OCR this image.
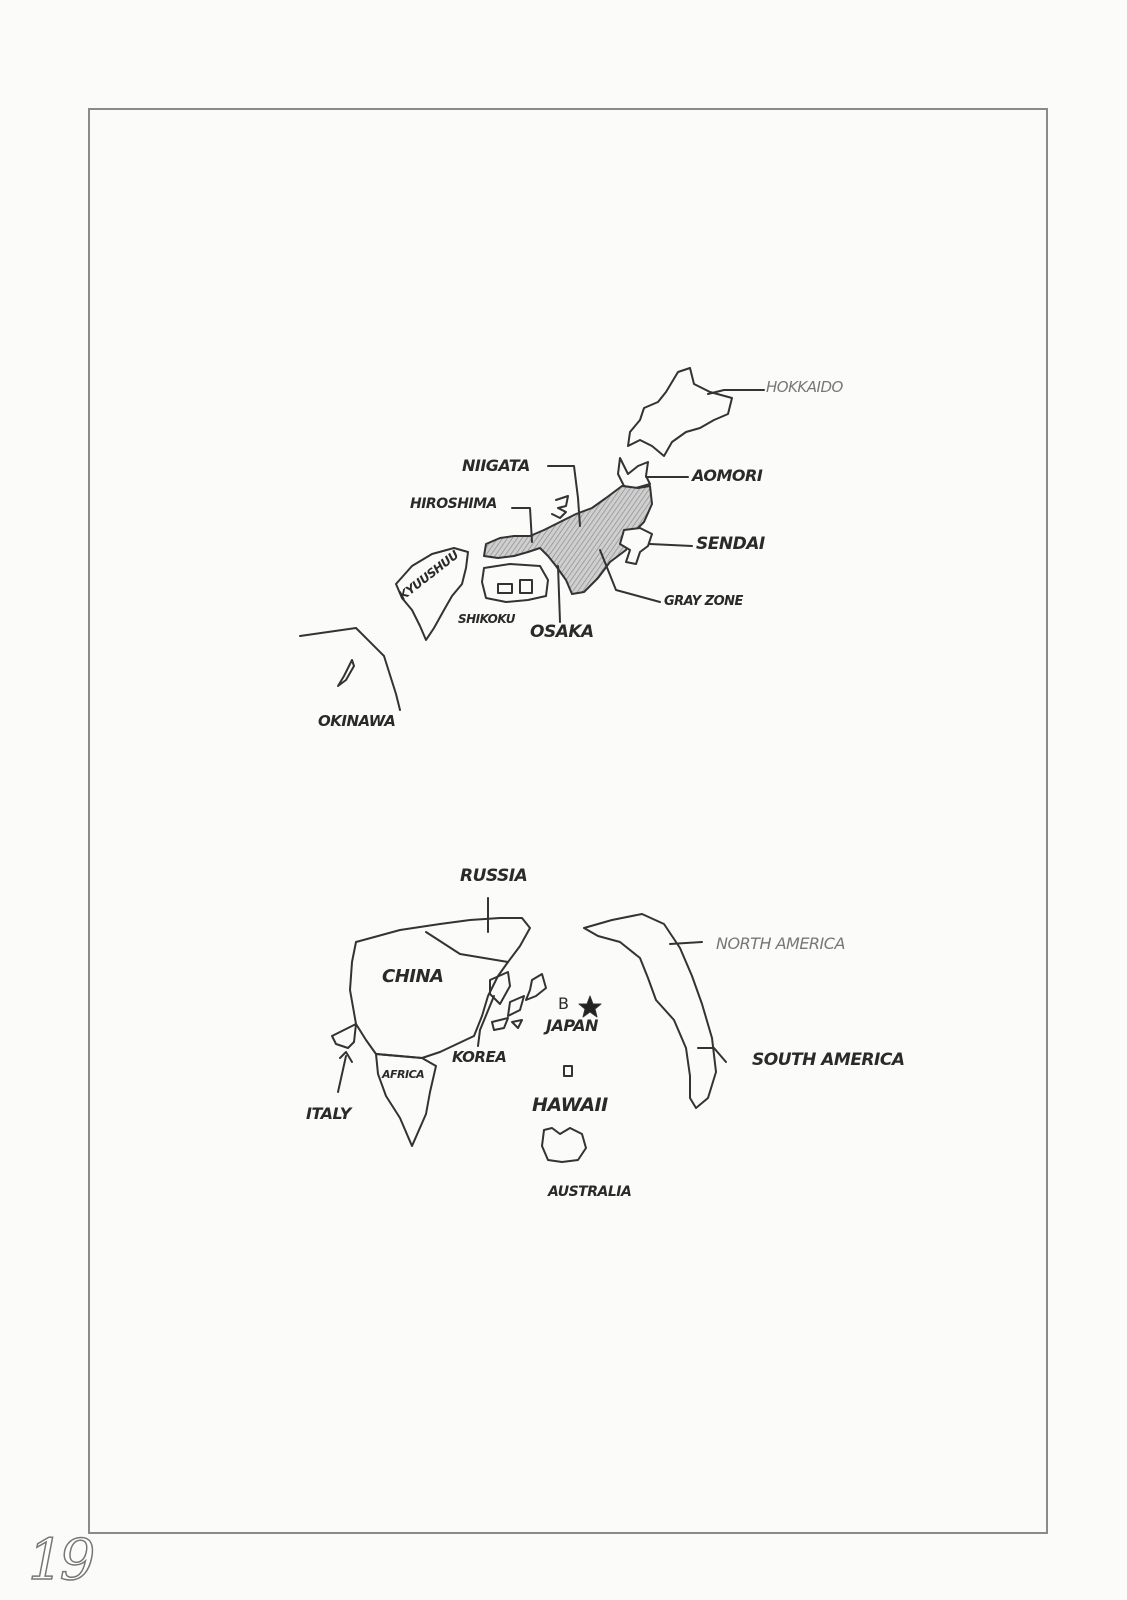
HOKKAIDO
NIIGATA
AOMORI
HIROSHIMA
SENDAI
KYUUSHUU
SHIKOKU
OSAKA
GRAY ZONE
OKINAWA
RUSSIA
CHINA
NORTH AMERICA
SOUTH AMERICA
B
JAPAN
KOREA
AFRICA
ITALY	HAWAII
AUSTRALIA
19
